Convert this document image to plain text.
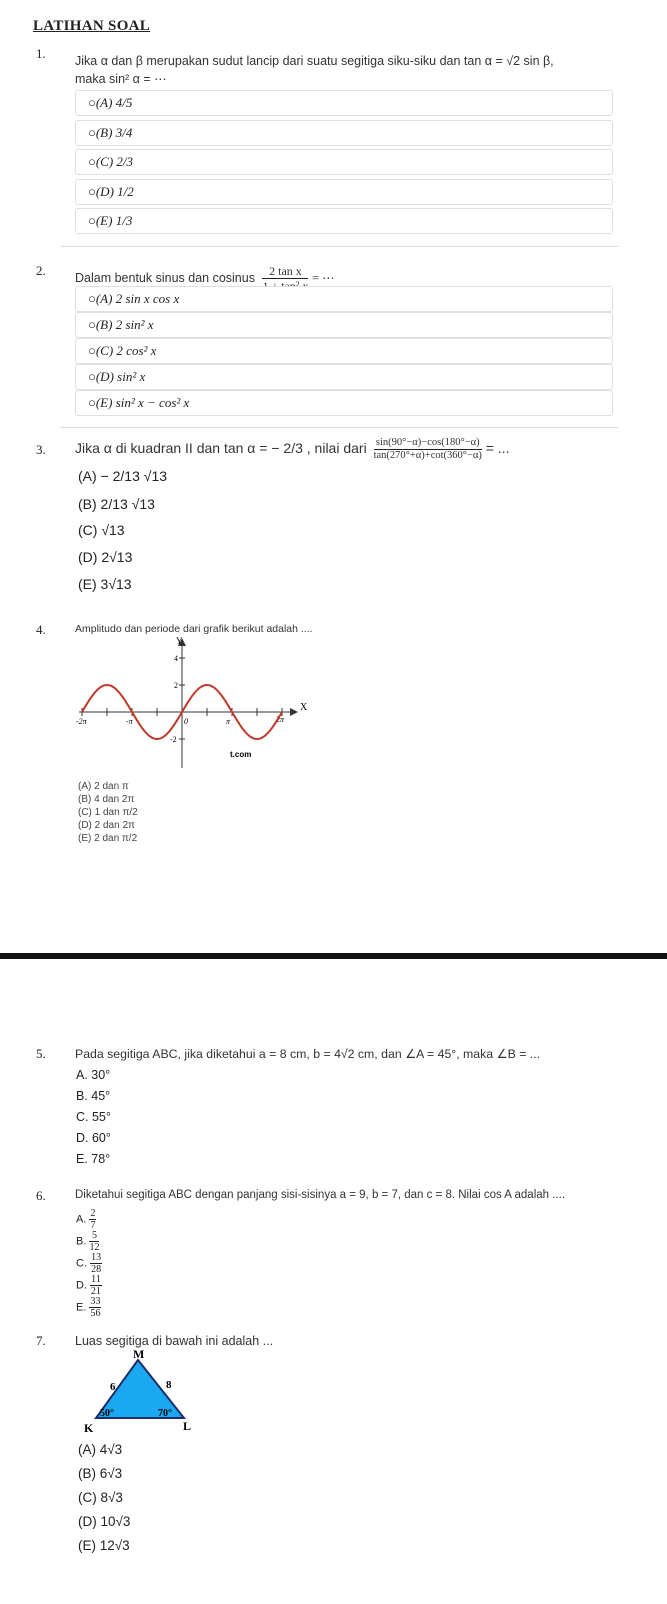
LATIHAN SOAL
1. Jika α dan β merupakan sudut lancip dari suatu segitiga siku-siku dan tan α = √2 sin β,
maka sin² α = ⋯
○(A) 4/5
○(B) 3/4
○(C) 2/3
○(D) 1/2
○(E) 1/3
2. Dalam bentuk sinus dan cosinus	2 tan x = ⋯
○(A) 2 sin x cos x
○(B) 2 sin² x
○(C) 2 cos² x
○(D) sin² x
○(E) sin² x − cos² x
3. Jika α di kuadran II dan tan α = − 2/3 , nilai dari $\frac{\sin(90^\circ-\alpha)-\cos(180^\circ-\alpha)}{\tan(270^\circ+\alpha)+\cot(360^\circ-\alpha)}$ = ...
(A) − 2/13 √13
(B) 2/13 √13
(C) √13
(D) 2√13
(E) 3√13
4.	Amplitudo dan periode dari grafik berikut adalah ....
Y
X
-2π	-π	0	π	2π
4
2
-2
t.com
(A) 2 dan π
(B) 4 dan 2π
(C) 1 dan π/2
(D) 2 dan 2π
(E) 2 dan π/2
5. Pada segitiga ABC, jika diketahui a = 8 cm, b = 4√2 cm, dan ∠A = 45°, maka ∠B = ...
A. 30°
B. 45°
C. 55°
D. 60°
E. 78°
6.	Diketahui segitiga ABC dengan panjang sisi-sisinya a = 9, b = 7, dan c = 8. Nilai cos A adalah ....
A. $\frac{2}{7}$
B. $\frac{5}{12}$
C. $\frac{13}{28}$
D. $\frac{11}{21}$
E. $\frac{33}{56}$
7. Luas segitiga di bawah ini adalah ...
M
K	L
6	8
50°	70°
(A) 4√3
(B) 6√3
(C) 8√3
(D) 10√3
(E) 12√3
